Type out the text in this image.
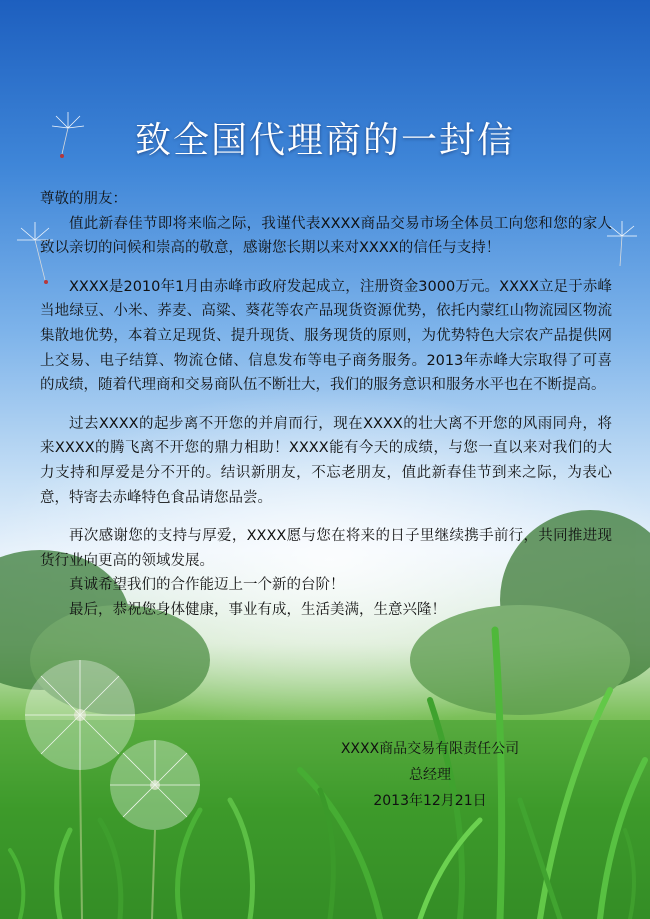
致全国代理商的一封信

尊敬的朋友：

值此新春佳节即将来临之际，我谨代表XXXX商品交易市场全体员工向您和您的家人致以亲切的问候和崇高的敬意，感谢您长期以来对XXXX的信任与支持！

XXXX是2010年1月由赤峰市政府发起成立，注册资金3000万元。XXXX立足于赤峰当地绿豆、小米、荞麦、高粱、葵花等农产品现货资源优势，依托内蒙红山物流园区物流集散地优势，本着立足现货、提升现货、服务现货的原则，为优势特色大宗农产品提供网上交易、电子结算、物流仓储、信息发布等电子商务服务。2013年赤峰大宗取得了可喜的成绩，随着代理商和交易商队伍不断壮大，我们的服务意识和服务水平也在不断提高。

过去XXXX的起步离不开您的并肩而行，现在XXXX的壮大离不开您的风雨同舟，将来XXXX的腾飞离不开您的鼎力相助！XXXX能有今天的成绩，与您一直以来对我们的大力支持和厚爱是分不开的。结识新朋友，不忘老朋友，值此新春佳节到来之际，为表心意，特寄去赤峰特色食品请您品尝。

再次感谢您的支持与厚爱，XXXX愿与您在将来的日子里继续携手前行，共同推进现货行业向更高的领域发展。

真诚希望我们的合作能迈上一个新的台阶！

最后，恭祝您身体健康，事业有成，生活美满，生意兴隆！

XXXX商品交易有限责任公司
总经理
2013年12月21日
